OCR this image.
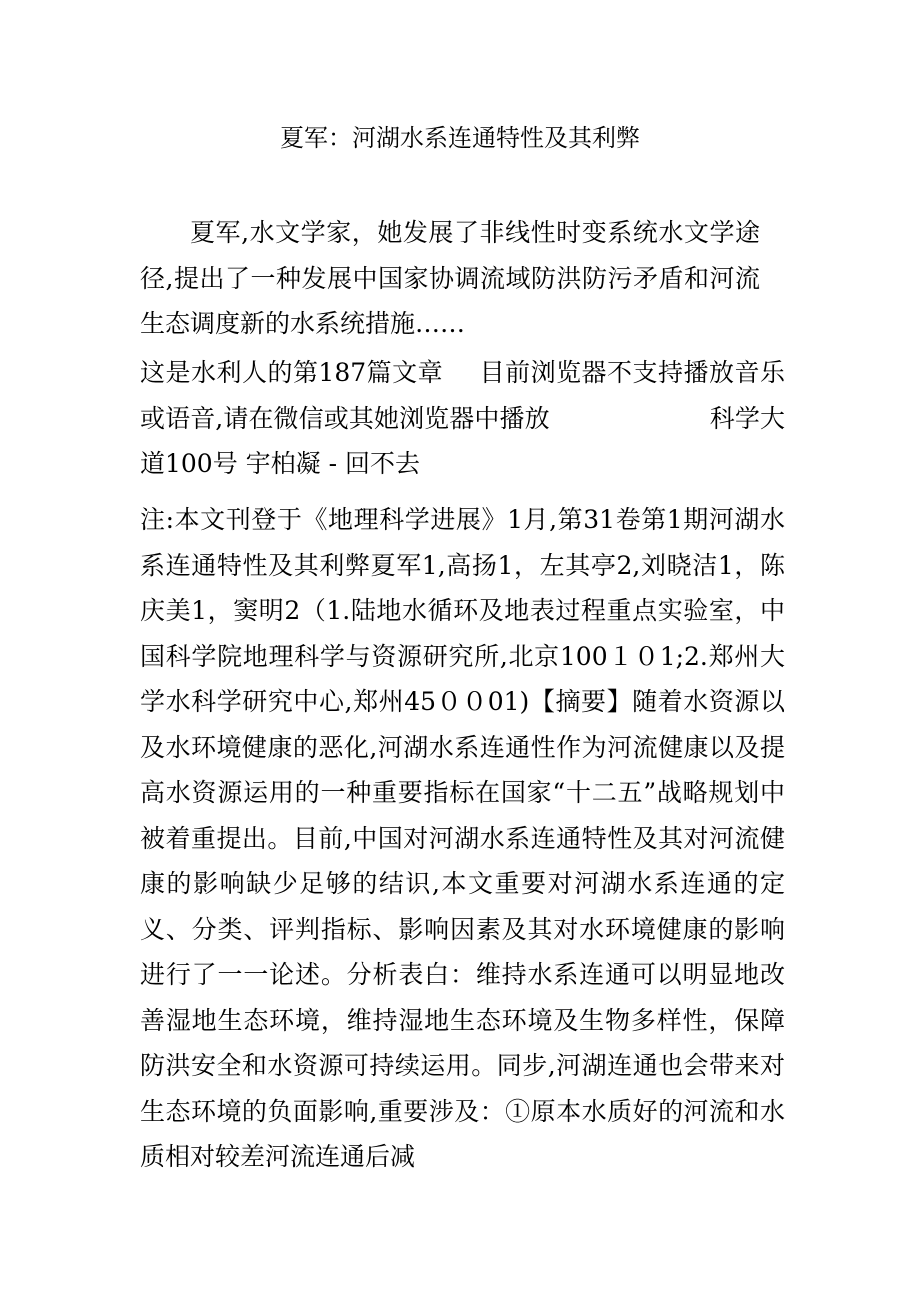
夏军：河湖水系连通特性及其利弊

夏军,水文学家，她发展了非线性时变系统水文学途径,提出了一种发展中国家协调流域防洪防污矛盾和河流生态调度新的水系统措施……

这是水利人的第187篇文章 目前浏览器不支持播放音乐或语音,请在微信或其她浏览器中播放	科学大道100号 宇柏凝 - 回不去

注:本文刊登于《地理科学进展》1月,第31卷第1期河湖水系连通特性及其利弊夏军1,高扬1，左其亭2,刘晓洁1，陈庆美1，窦明2（1.陆地水循环及地表过程重点实验室，中国科学院地理科学与资源研究所,北京100１０1;2.郑州大学水科学研究中心,郑州45００01)【摘要】随着水资源以及水环境健康的恶化,河湖水系连通性作为河流健康以及提高水资源运用的一种重要指标在国家“十二五”战略规划中被着重提出。目前,中国对河湖水系连通特性及其对河流健康的影响缺少足够的结识,本文重要对河湖水系连通的定义、分类、评判指标、影响因素及其对水环境健康的影响进行了一一论述。分析表白：维持水系连通可以明显地改善湿地生态环境，维持湿地生态环境及生物多样性，保障防洪安全和水资源可持续运用。同步,河湖连通也会带来对生态环境的负面影响,重要涉及：①原本水质好的河流和水质相对较差河流连通后减
